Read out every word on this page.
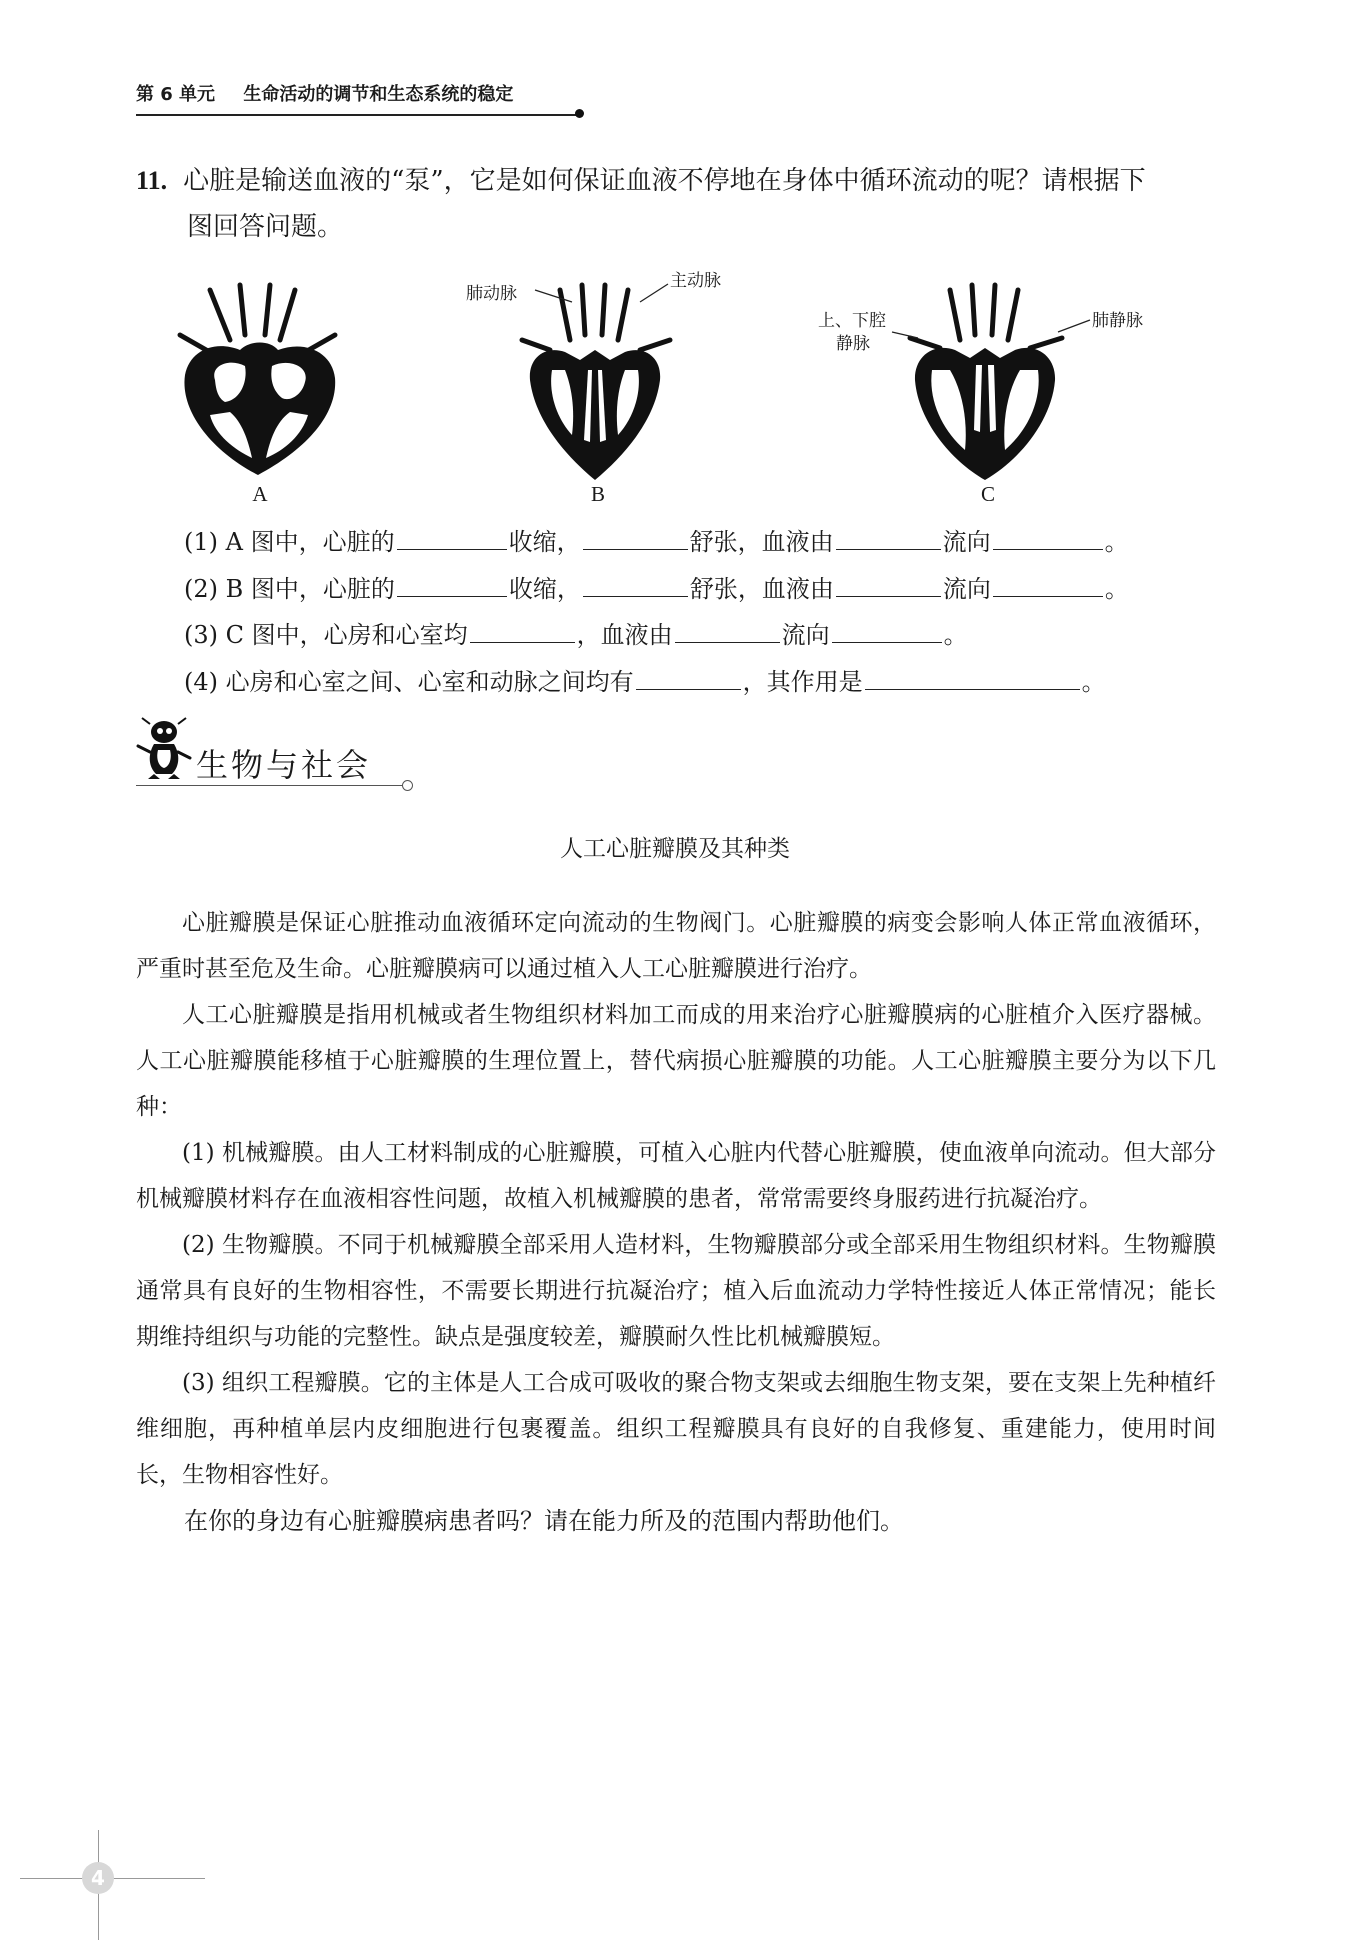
第 6 单元 生命活动的调节和生态系统的稳定
11. 心脏是输送血液的“泵”，它是如何保证血液不停地在身体中循环流动的呢？请根据下
图回答问题。
A	B
肺动脉
主动脉
C
上、下腔
静脉
肺静脉
(1) A 图中，心脏的	收缩，	舒张，血液由	流向	。
(2) B 图中，心脏的	收缩，	舒张，血液由	流向	。
(3) C 图中，心房和心室均	，血液由	流向	。
(4) 心房和心室之间、心室和动脉之间均有	，其作用是	。
生物与社会
人工心脏瓣膜及其种类

心脏瓣膜是保证心脏推动血液循环定向流动的生物阀门。心脏瓣膜的病变会影响人体正常血液循环，严重时甚至危及生命。心脏瓣膜病可以通过植入人工心脏瓣膜进行治疗。

人工心脏瓣膜是指用机械或者生物组织材料加工而成的用来治疗心脏瓣膜病的心脏植介入医疗器械。人工心脏瓣膜能移植于心脏瓣膜的生理位置上，替代病损心脏瓣膜的功能。人工心脏瓣膜主要分为以下几种：

(1) 机械瓣膜。由人工材料制成的心脏瓣膜，可植入心脏内代替心脏瓣膜，使血液单向流动。但大部分机械瓣膜材料存在血液相容性问题，故植入机械瓣膜的患者，常常需要终身服药进行抗凝治疗。

(2) 生物瓣膜。不同于机械瓣膜全部采用人造材料，生物瓣膜部分或全部采用生物组织材料。生物瓣膜通常具有良好的生物相容性，不需要长期进行抗凝治疗；植入后血流动力学特性接近人体正常情况；能长期维持组织与功能的完整性。缺点是强度较差，瓣膜耐久性比机械瓣膜短。

(3) 组织工程瓣膜。它的主体是人工合成可吸收的聚合物支架或去细胞生物支架，要在支架上先种植纤维细胞，再种植单层内皮细胞进行包裹覆盖。组织工程瓣膜具有良好的自我修复、重建能力，使用时间长，生物相容性好。

在你的身边有心脏瓣膜病患者吗？请在能力所及的范围内帮助他们。

4
